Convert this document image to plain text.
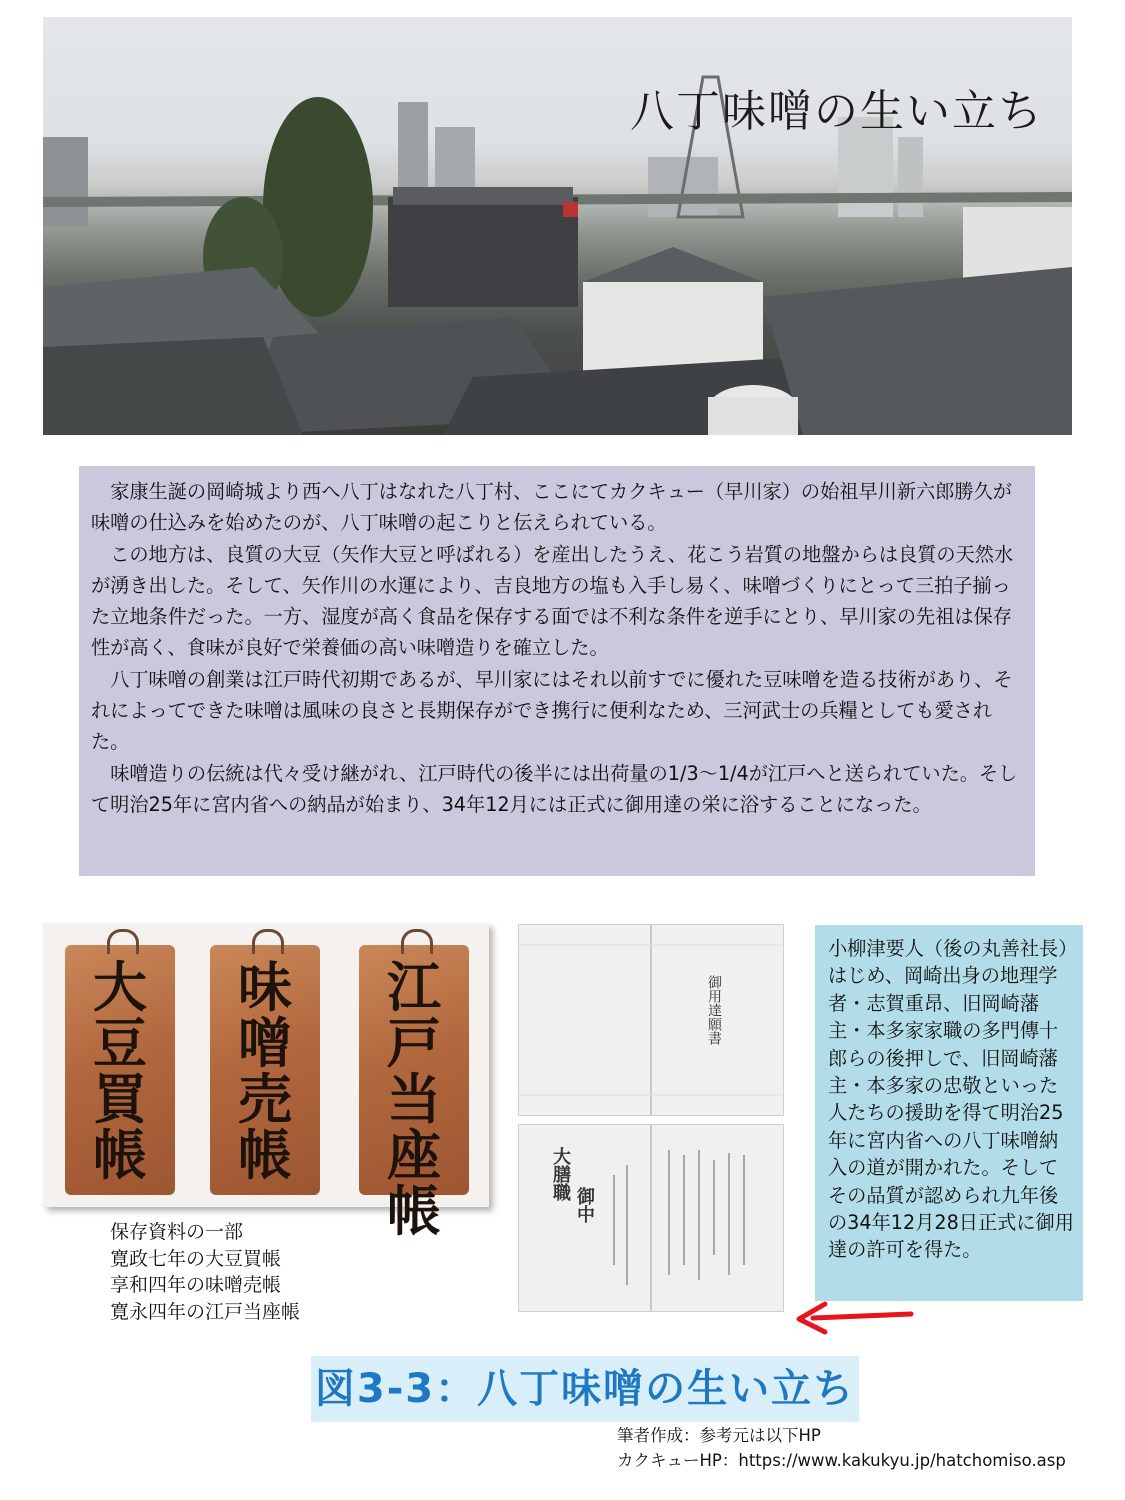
八丁味噌の生い立ち

家康生誕の岡崎城より西へ八丁はなれた八丁村、ここにてカクキュー（早川家）の始祖早川新六郎勝久が味噌の仕込みを始めたのが、八丁味噌の起こりと伝えられている。

この地方は、良質の大豆（矢作大豆と呼ばれる）を産出したうえ、花こう岩質の地盤からは良質の天然水が湧き出した。そして、矢作川の水運により、吉良地方の塩も入手し易く、味噌づくりにとって三拍子揃った立地条件だった。一方、湿度が高く食品を保存する面では不利な条件を逆手にとり、早川家の先祖は保存性が高く、食味が良好で栄養価の高い味噌造りを確立した。

八丁味噌の創業は江戸時代初期であるが、早川家にはそれ以前すでに優れた豆味噌を造る技術があり、それによってできた味噌は風味の良さと長期保存ができ携行に便利なため、三河武士の兵糧としても愛された。

味噌造りの伝統は代々受け継がれ、江戸時代の後半には出荷量の1/3～1/4が江戸へと送られていた。そして明治25年に宮内省への納品が始まり、34年12月には正式に御用達の栄に浴することになった。

大豆買帳
味噌売帳
江戸当座帳
保存資料の一部
寛政七年の大豆買帳
享和四年の味噌売帳
寛永四年の江戸当座帳
御用達願書
大膳職
御中
小柳津要人（後の丸善社長）はじめ、岡崎出身の地理学者・志賀重昂、旧岡崎藩主・本多家家職の多門傳十郎らの後押しで、旧岡崎藩主・本多家の忠敬といった人たちの援助を得て明治25年に宮内省への八丁味噌納入の道が開かれた。そしてその品質が認められ九年後の34年12月28日正式に御用達の許可を得た。
図3-3：八丁味噌の生い立ち
筆者作成：参考元は以下HP
カクキューHP：https://www.kakukyu.jp/hatchomiso.asp
